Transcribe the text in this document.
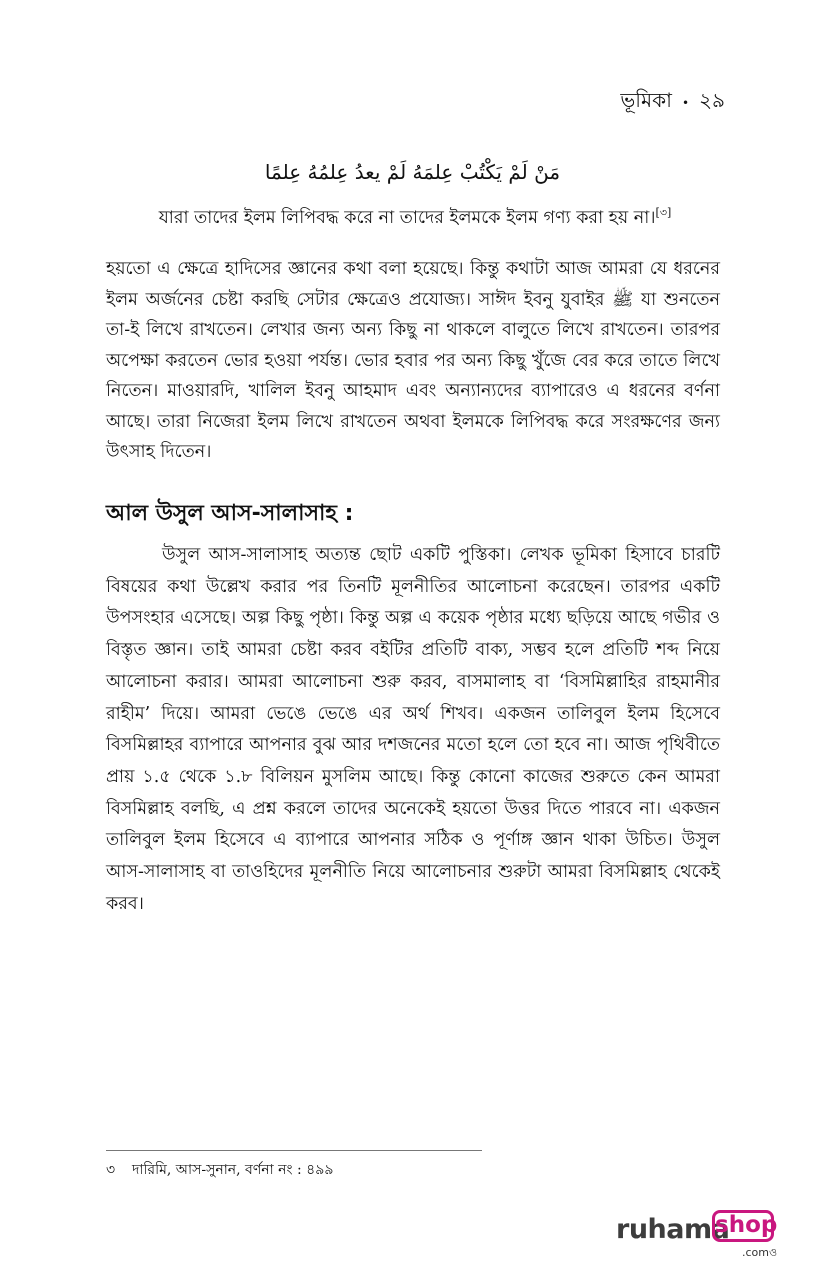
ভূমিকা • ২৯
مَنْ لَمْ يَكْتُبْ عِلمَهُ لَمْ يعدُ عِلمُهُ عِلمًا
যারা তাদের ইলম লিপিবদ্ধ করে না তাদের ইলমকে ইলম গণ্য করা হয় না।[৩]
হয়তো এ ক্ষেত্রে হাদিসের জ্ঞানের কথা বলা হয়েছে। কিন্তু কথাটা আজ আমরা যে ধরনের ইলম অর্জনের চেষ্টা করছি সেটার ক্ষেত্রেও প্রযোজ্য। সাঈদ ইবনু যুবাইর ﷺ যা শুনতেন তা-ই লিখে রাখতেন। লেখার জন্য অন্য কিছু না থাকলে বালুতে লিখে রাখতেন। তারপর অপেক্ষা করতেন ভোর হওয়া পর্যন্ত। ভোর হবার পর অন্য কিছু খুঁজে বের করে তাতে লিখে নিতেন। মাওয়ারদি, খালিল ইবনু আহমাদ এবং অন্যান্যদের ব্যাপারেও এ ধরনের বর্ণনা আছে। তারা নিজেরা ইলম লিখে রাখতেন অথবা ইলমকে লিপিবদ্ধ করে সংরক্ষণের জন্য উৎসাহ দিতেন।
আল উসুল আস-সালাসাহ :
উসুল আস-সালাসাহ অত্যন্ত ছোট একটি পুস্তিকা। লেখক ভূমিকা হিসাবে চারটি বিষয়ের কথা উল্লেখ করার পর তিনটি মূলনীতির আলোচনা করেছেন। তারপর একটি উপসংহার এসেছে। অল্প কিছু পৃষ্ঠা। কিন্তু অল্প এ কয়েক পৃষ্ঠার মধ্যে ছড়িয়ে আছে গভীর ও বিস্তৃত জ্ঞান। তাই আমরা চেষ্টা করব বইটির প্রতিটি বাক্য, সম্ভব হলে প্রতিটি শব্দ নিয়ে আলোচনা করার। আমরা আলোচনা শুরু করব, বাসমালাহ বা ‘বিসমিল্লাহির রাহমানীর রাহীম’ দিয়ে। আমরা ভেঙে ভেঙে এর অর্থ শিখব। একজন তালিবুল ইলম হিসেবে বিসমিল্লাহর ব্যাপারে আপনার বুঝ আর দশজনের মতো হলে তো হবে না। আজ পৃথিবীতে প্রায় ১.৫ থেকে ১.৮ বিলিয়ন মুসলিম আছে। কিন্তু কোনো কাজের শুরুতে কেন আমরা বিসমিল্লাহ বলছি, এ প্রশ্ন করলে তাদের অনেকেই হয়তো উত্তর দিতে পারবে না। একজন তালিবুল ইলম হিসেবে এ ব্যাপারে আপনার সঠিক ও পূর্ণাঙ্গ জ্ঞান থাকা উচিত। উসুল আস-সালাসাহ বা তাওহিদের মূলনীতি নিয়ে আলোচনার শুরুটা আমরা বিসমিল্লাহ থেকেই করব।
৩ দারিমি, আস-সুনান, বর্ণনা নং : ৪৯৯
ruhama
shop
.comও
